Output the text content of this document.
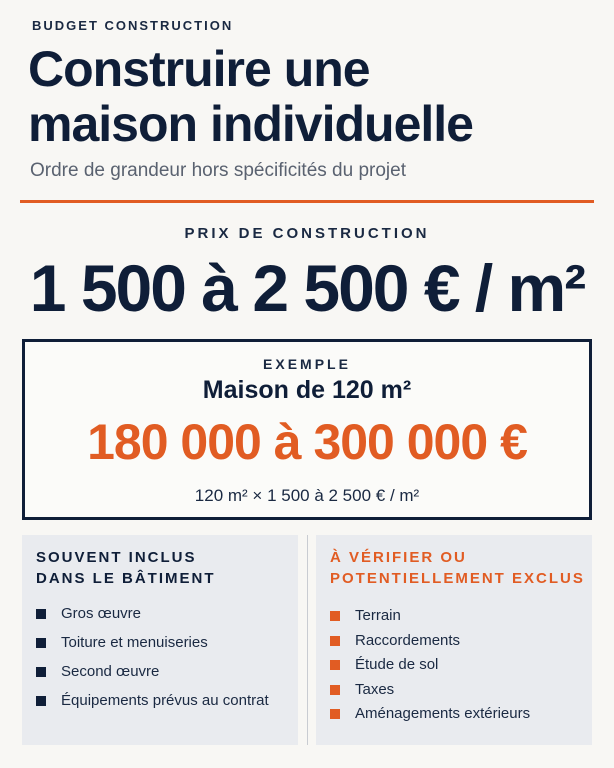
BUDGET CONSTRUCTION
Construire une
maison individuelle
Ordre de grandeur hors spécificités du projet
PRIX DE CONSTRUCTION
1 500 à 2 500 € / m²
EXEMPLE
Maison de 120 m²
180 000 à 300 000 €
120 m² × 1 500 à 2 500 € / m²
SOUVENT INCLUS
DANS LE BÂTIMENT
Gros œuvre
Toiture et menuiseries
Second œuvre
Équipements prévus au contrat
À VÉRIFIER OU
POTENTIELLEMENT EXCLUS
Terrain
Raccordements
Étude de sol
Taxes
Aménagements extérieurs
